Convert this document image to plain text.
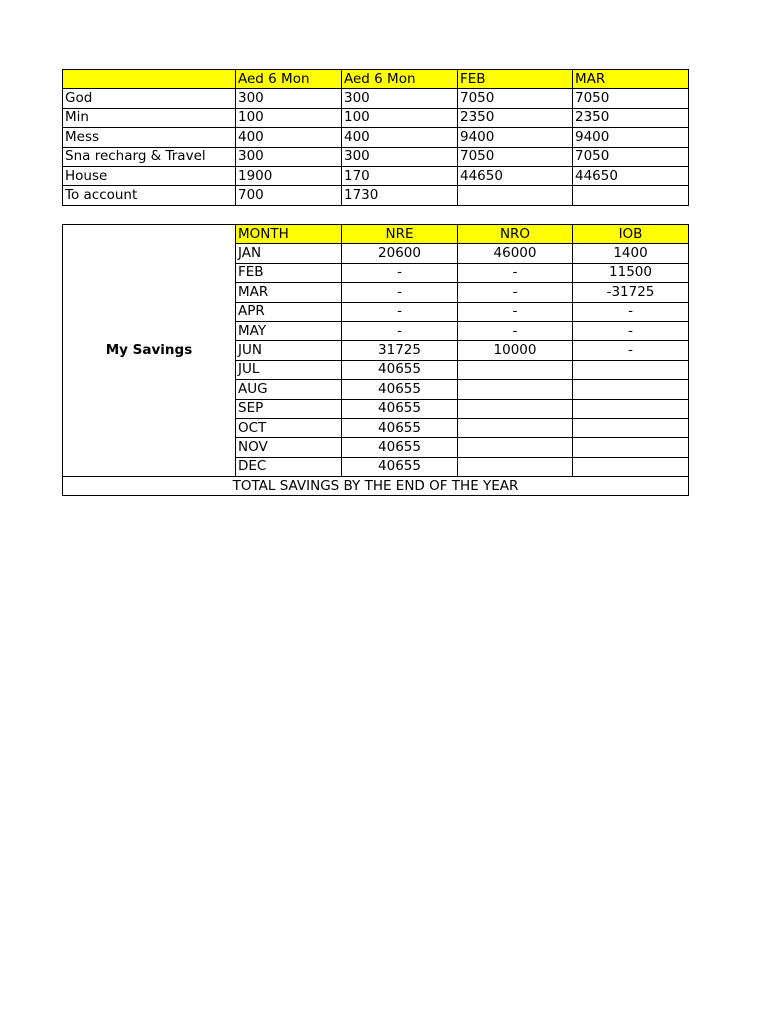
	Aed 6 Mon	Aed 6 Mon	FEB	MAR
God	300	300	7050	7050
Min	100	100	2350	2350
Mess	400	400	9400	9400
Sna recharg & Travel	300	300	7050	7050
House	1900	170	44650	44650
To account	700	1730		
My Savings	MONTH	NRE	NRO	IOB
	JAN	20600	46000	1400
	FEB	-	-	11500
	MAR	-	-	-31725
	APR	-	-	-
	MAY	-	-	-
	JUN	31725	10000	-
	JUL	40655		
	AUG	40655		
	SEP	40655		
	OCT	40655		
	NOV	40655		
	DEC	40655		
TOTAL SAVINGS BY THE END OF THE YEAR				
